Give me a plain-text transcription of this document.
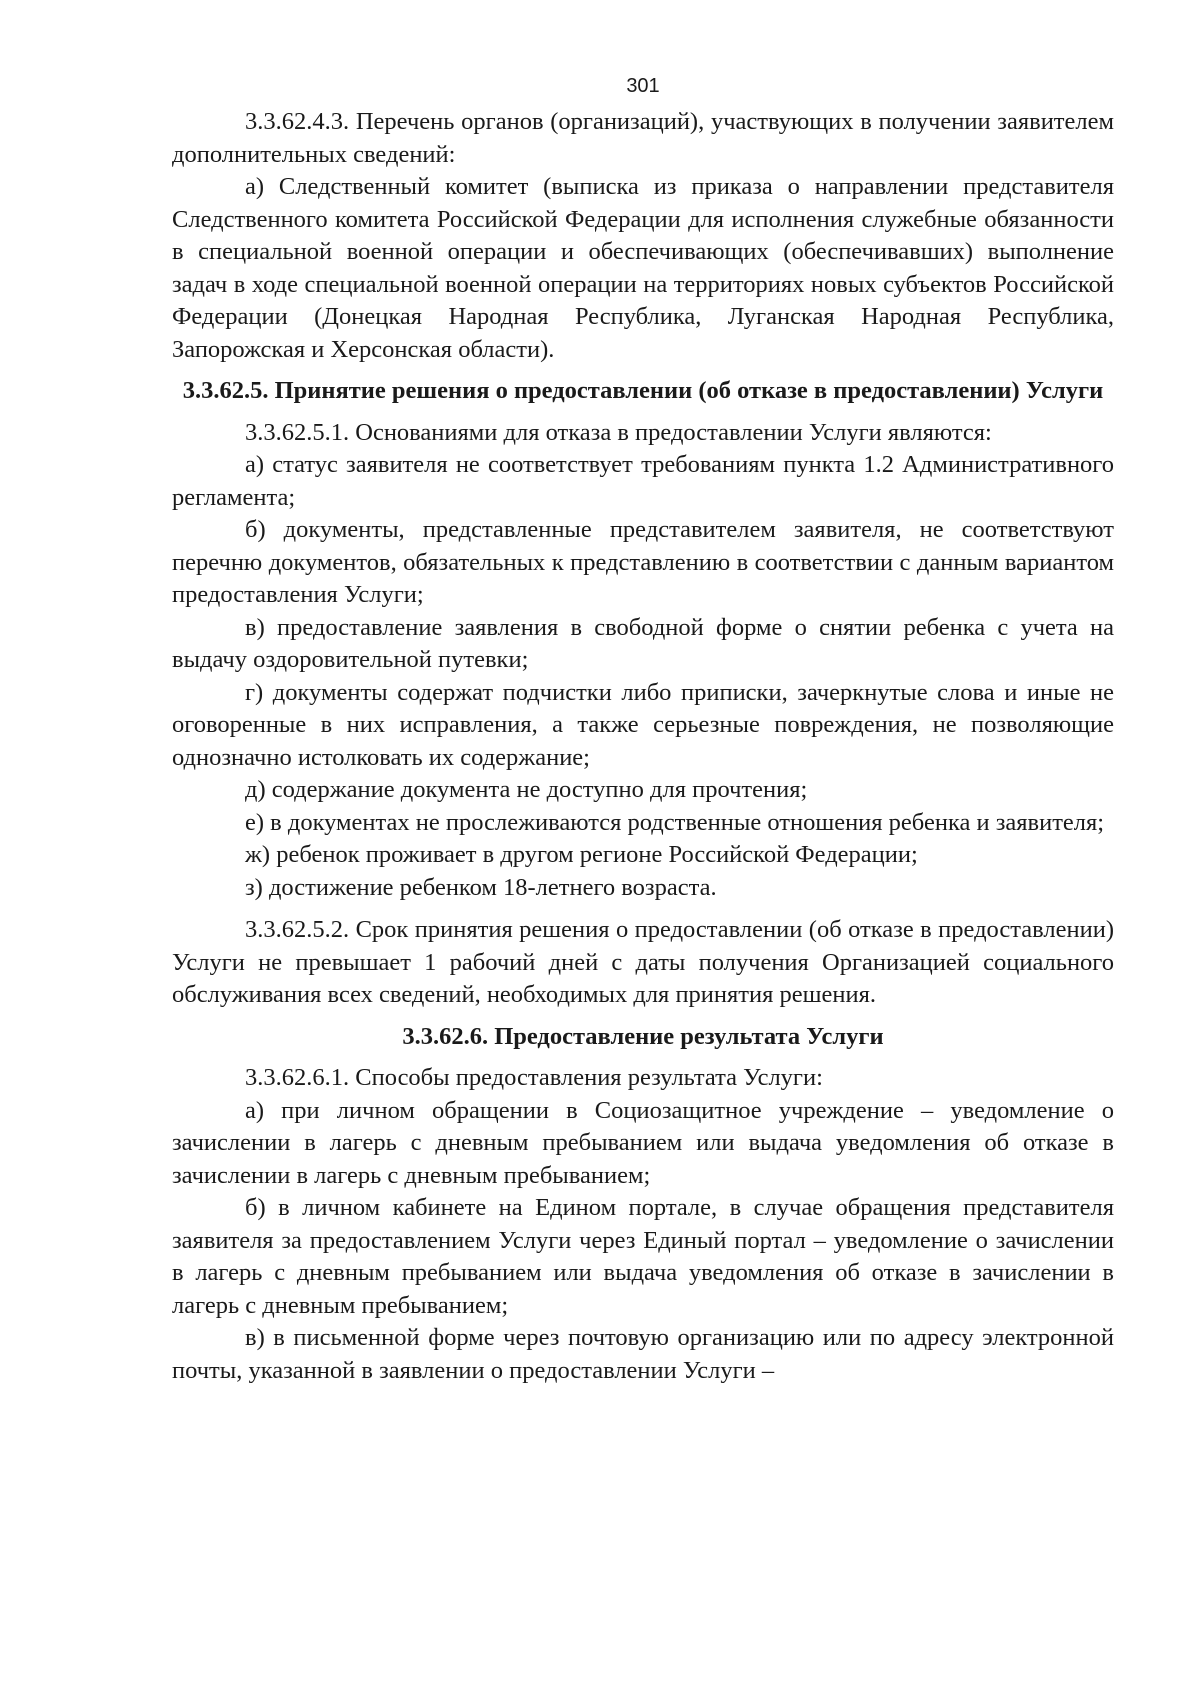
301

3.3.62.4.3. Перечень органов (организаций), участвующих в получении заявителем дополнительных сведений:

а) Следственный комитет (выписка из приказа о направлении представителя Следственного комитета Российской Федерации для исполнения служебные обязанности в специальной военной операции и обеспечивающих (обеспечивавших) выполнение задач в ходе специальной военной операции на территориях новых субъектов Российской Федерации (Донецкая Народная Республика, Луганская Народная Республика, Запорожская и Херсонская области).

3.3.62.5. Принятие решения о предоставлении (об отказе в предоставлении) Услуги

3.3.62.5.1. Основаниями для отказа в предоставлении Услуги являются:

а) статус заявителя не соответствует требованиям пункта 1.2 Административного регламента;

б) документы, представленные представителем заявителя, не соответствуют перечню документов, обязательных к представлению в соответствии с данным вариантом предоставления Услуги;

в) предоставление заявления в свободной форме о снятии ребенка с учета на выдачу оздоровительной путевки;

г) документы содержат подчистки либо приписки, зачеркнутые слова и иные не оговоренные в них исправления, а также серьезные повреждения, не позволяющие однозначно истолковать их содержание;

д) содержание документа не доступно для прочтения;

е) в документах не прослеживаются родственные отношения ребенка и заявителя;

ж) ребенок проживает в другом регионе Российской Федерации;

з) достижение ребенком 18-летнего возраста.

3.3.62.5.2. Срок принятия решения о предоставлении (об отказе в предоставлении) Услуги не превышает 1 рабочий дней с даты получения Организацией социального обслуживания всех сведений, необходимых для принятия решения.

3.3.62.6. Предоставление результата Услуги

3.3.62.6.1. Способы предоставления результата Услуги:

а) при личном обращении в Социозащитное учреждение – уведомление о зачислении в лагерь с дневным пребыванием или выдача уведомления об отказе в зачислении в лагерь с дневным пребыванием;

б) в личном кабинете на Едином портале, в случае обращения представителя заявителя за предоставлением Услуги через Единый портал – уведомление о зачислении в лагерь с дневным пребыванием или выдача уведомления об отказе в зачислении в лагерь с дневным пребыванием;

в) в письменной форме через почтовую организацию или по адресу электронной почты, указанной в заявлении о предоставлении Услуги –
